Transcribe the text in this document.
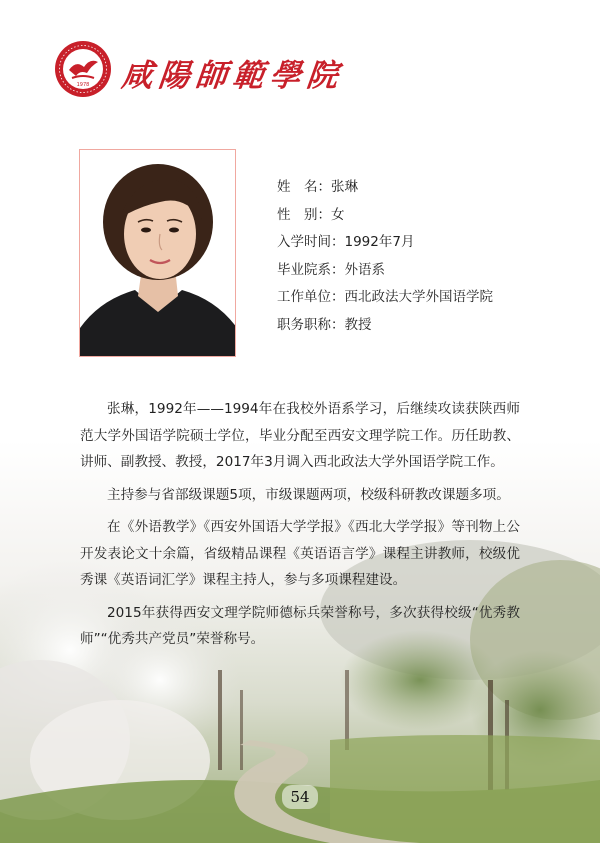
1978 咸陽師範學院
姓　名：张琳
性　别：女
入学时间：1992年7月
毕业院系：外语系
工作单位：西北政法大学外国语学院
职务职称：教授

张琳，1992年——1994年在我校外语系学习，后继续攻读获陕西师范大学外国语学院硕士学位，毕业分配至西安文理学院工作。历任助教、讲师、副教授、教授，2017年3月调入西北政法大学外国语学院工作。

主持参与省部级课题5项，市级课题两项，校级科研教改课题多项。

在《外语教学》《西安外国语大学学报》《西北大学学报》等刊物上公开发表论文十余篇，省级精品课程《英语语言学》课程主讲教师，校级优秀课《英语词汇学》课程主持人，参与多项课程建设。

2015年获得西安文理学院师德标兵荣誉称号，多次获得校级“优秀教师”“优秀共产党员”荣誉称号。

54
